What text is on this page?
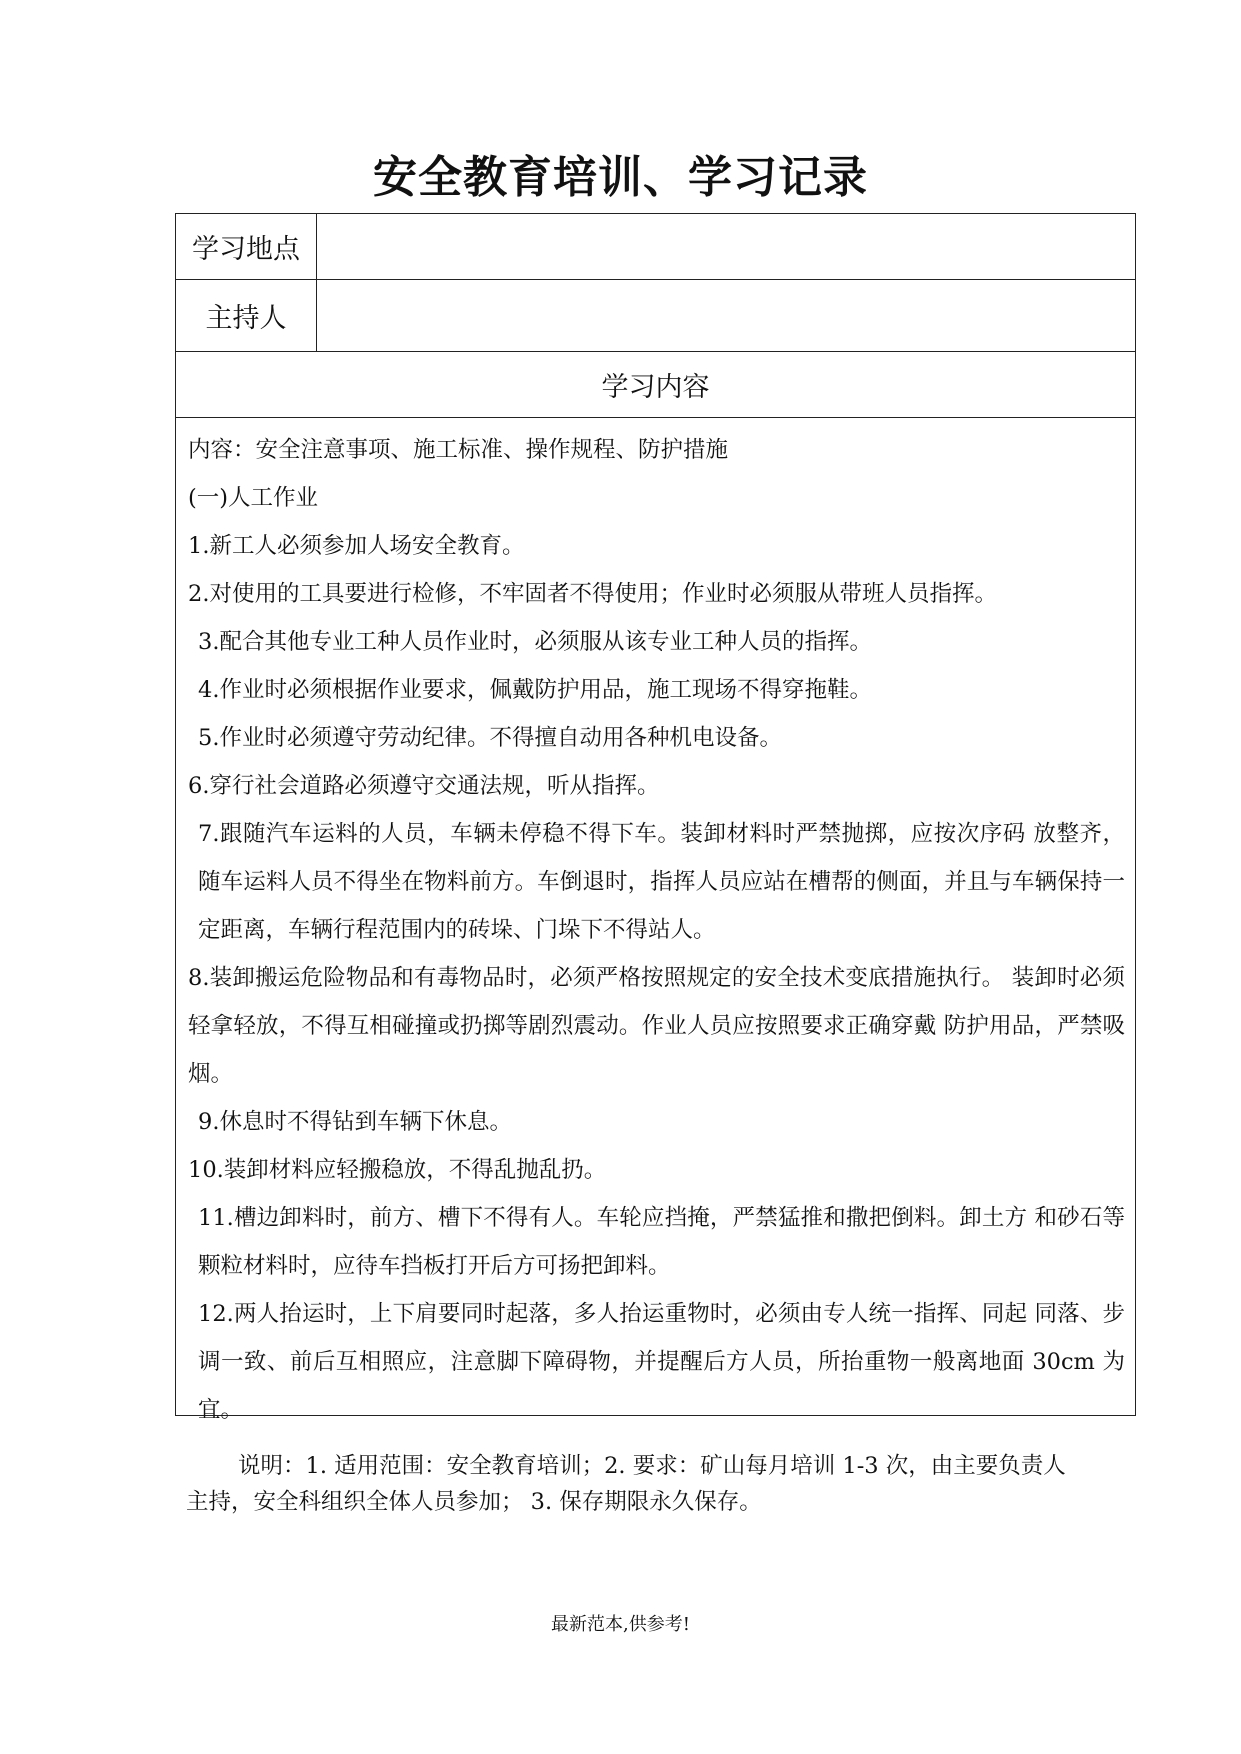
安全教育培训、学习记录
学习地点
主持人
学习内容

内容：安全注意事项、施工标准、操作规程、防护措施

(一)人工作业

1.新工人必须参加人场安全教育。

2.对使用的工具要进行检修，不牢固者不得使用；作业时必须服从带班人员指挥。

3.配合其他专业工种人员作业时，必须服从该专业工种人员的指挥。

4.作业时必须根据作业要求，佩戴防护用品，施工现场不得穿拖鞋。

5.作业时必须遵守劳动纪律。不得擅自动用各种机电设备。

6.穿行社会道路必须遵守交通法规，听从指挥。

7.跟随汽车运料的人员，车辆未停稳不得下车。装卸材料时严禁抛掷，应按次序码 放整齐，随车运料人员不得坐在物料前方。车倒退时，指挥人员应站在槽帮的侧面，并且与车辆保持一定距离，车辆行程范围内的砖垛、门垛下不得站人。

8.装卸搬运危险物品和有毒物品时，必须严格按照规定的安全技术变底措施执行。 装卸时必须轻拿轻放，不得互相碰撞或扔掷等剧烈震动。作业人员应按照要求正确穿戴 防护用品，严禁吸烟。

9.休息时不得钻到车辆下休息。

10.装卸材料应轻搬稳放，不得乱抛乱扔。

11.槽边卸料时，前方、槽下不得有人。车轮应挡掩，严禁猛推和撒把倒料。卸土方 和砂石等颗粒材料时，应待车挡板打开后方可扬把卸料。

12.两人抬运时，上下肩要同时起落，多人抬运重物时，必须由专人统一指挥、同起 同落、步调一致、前后互相照应，注意脚下障碍物，并提醒后方人员，所抬重物一般离地面 30cm 为宜。

说明：1. 适用范围：安全教育培训；2. 要求：矿山每月培训 1-3 次，由主要负责人主持，安全科组织全体人员参加； 3. 保存期限永久保存。
最新范本,供参考!
